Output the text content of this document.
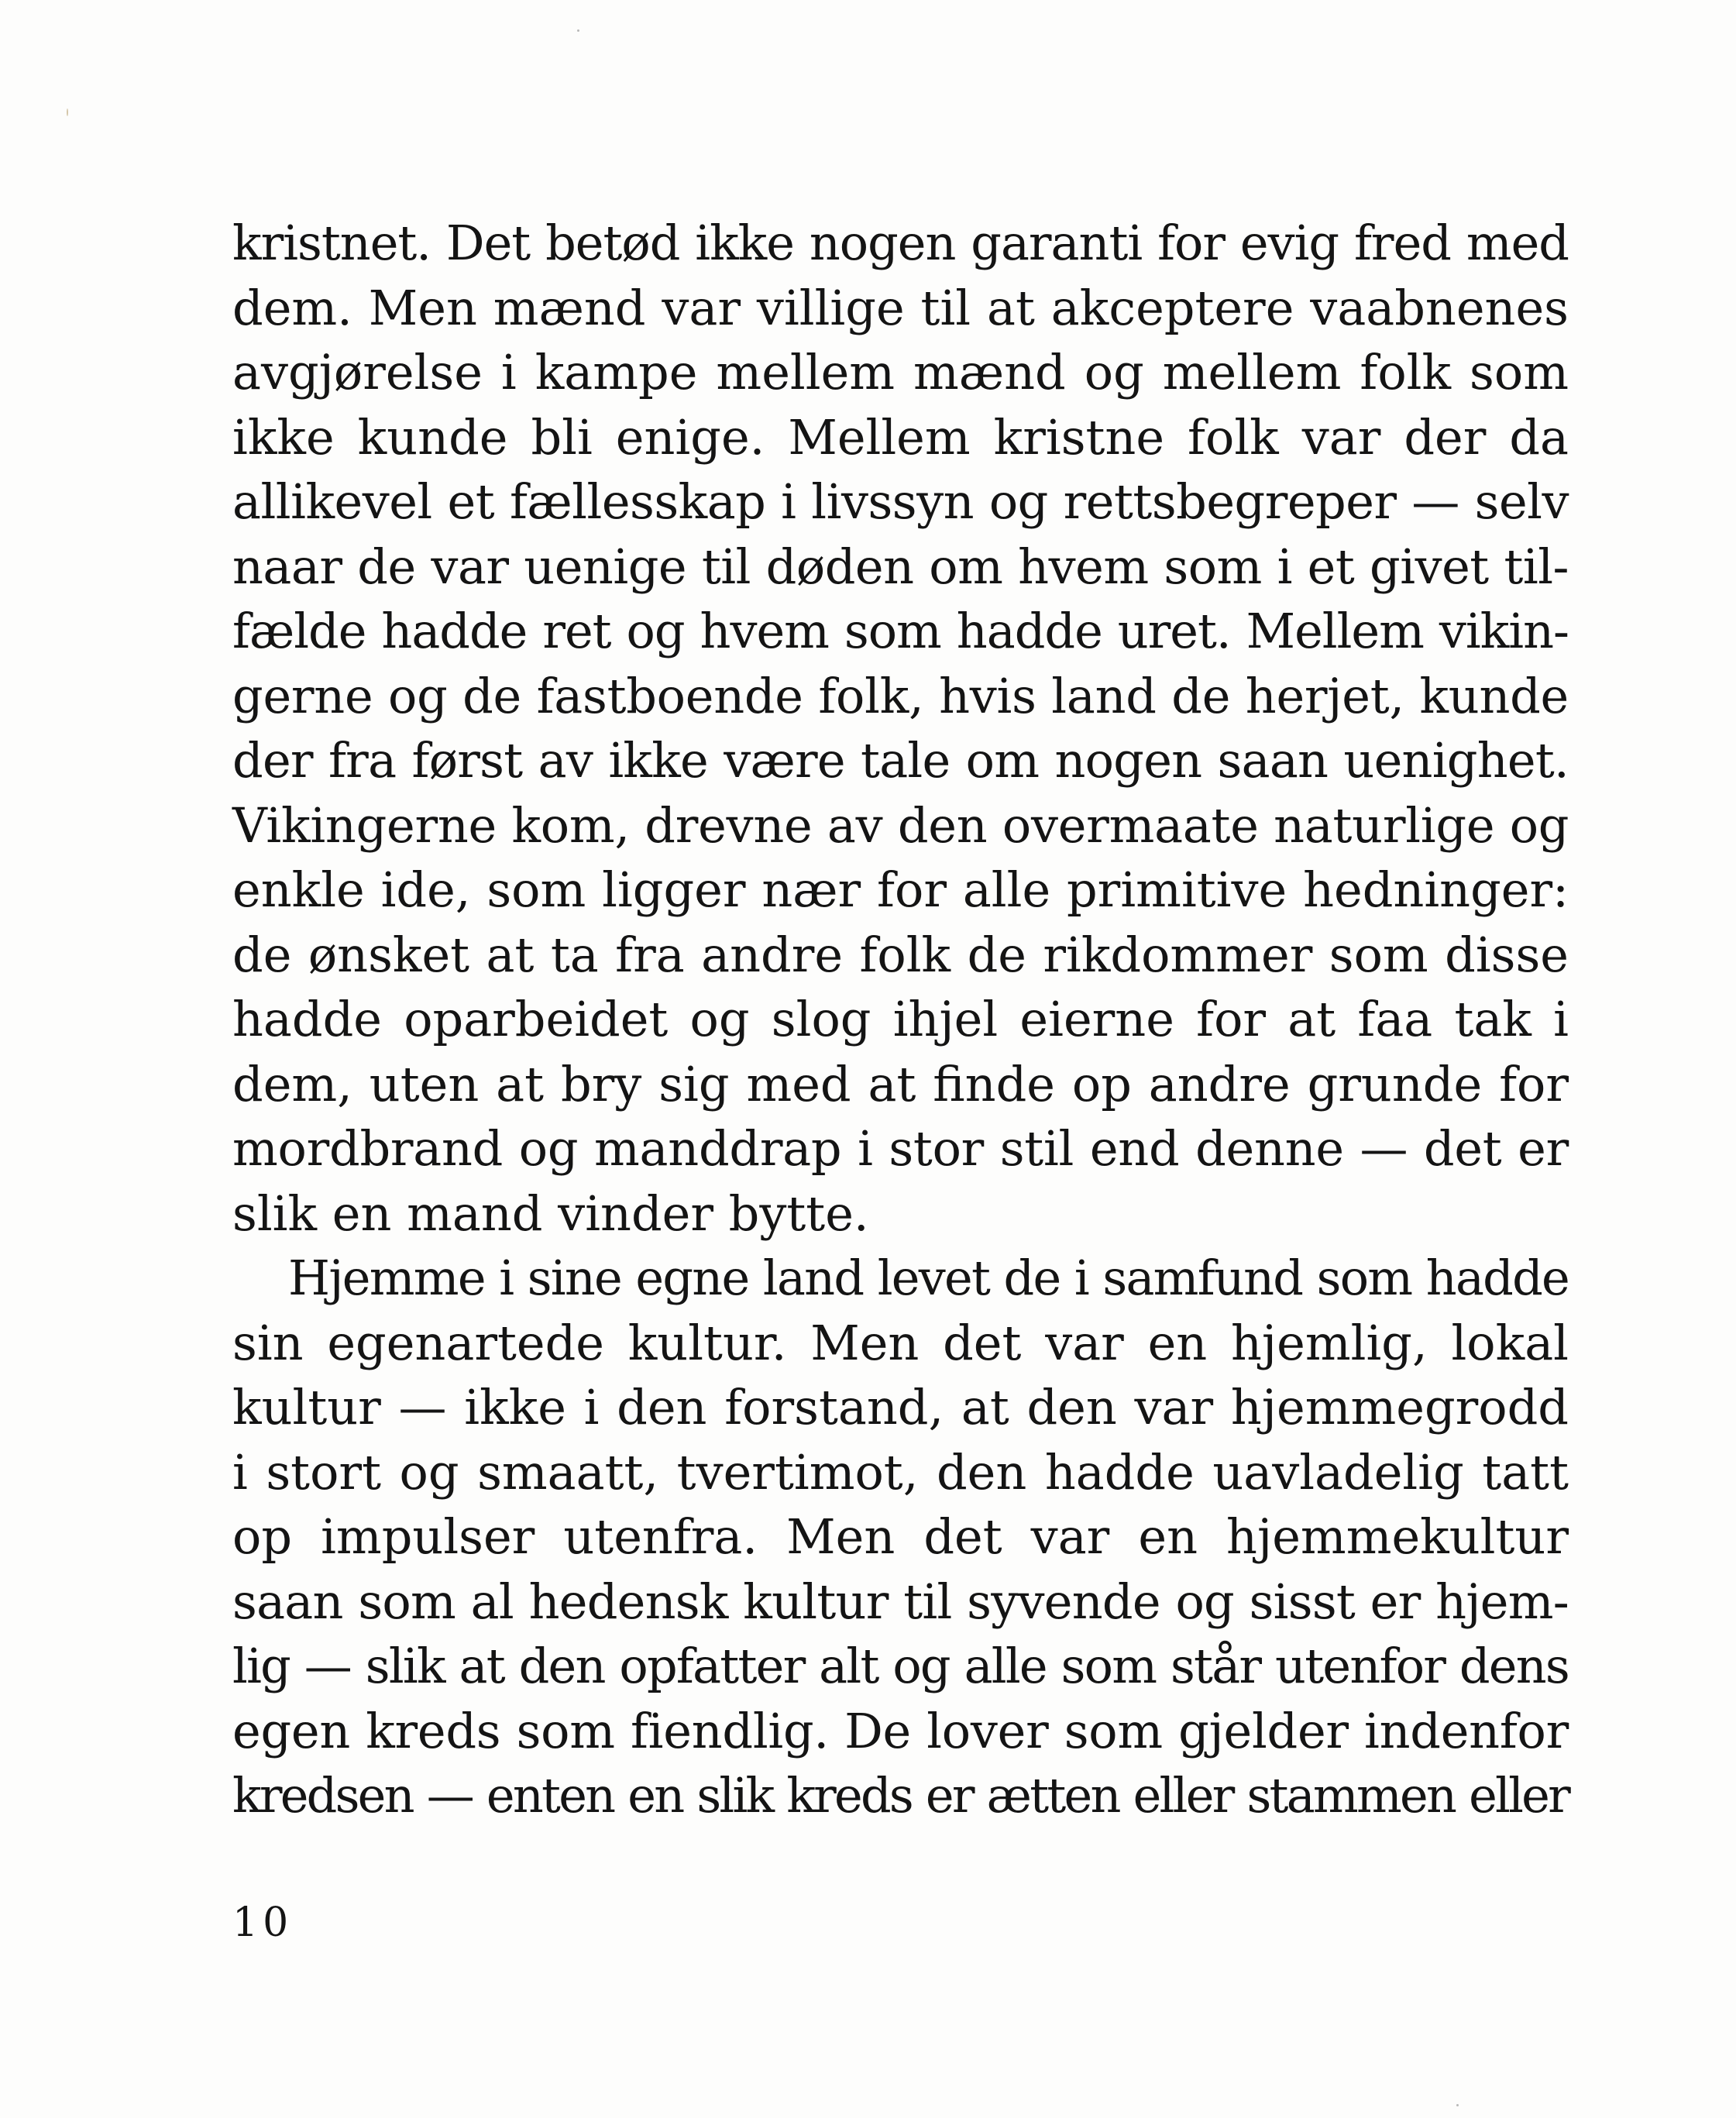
kristnet. Det betød ikke nogen garanti for evig fred med
dem. Men mænd var villige til at akceptere vaabnenes
avgjørelse i kampe mellem mænd og mellem folk som
ikke kunde bli enige. Mellem kristne folk var der da
allikevel et fællesskap i livssyn og rettsbegreper — selv
naar de var uenige til døden om hvem som i et givet til-
fælde hadde ret og hvem som hadde uret. Mellem vikin-
gerne og de fastboende folk, hvis land de herjet, kunde
der fra først av ikke være tale om nogen saan uenighet.
Vikingerne kom, drevne av den overmaate naturlige og
enkle ide, som ligger nær for alle primitive hedninger:
de ønsket at ta fra andre folk de rikdommer som disse
hadde oparbeidet og slog ihjel eierne for at faa tak i
dem, uten at bry sig med at finde op andre grunde for
mordbrand og manddrap i stor stil end denne — det er
slik en mand vinder bytte.
Hjemme i sine egne land levet de i samfund som hadde
sin egenartede kultur. Men det var en hjemlig, lokal
kultur — ikke i den forstand, at den var hjemmegrodd
i stort og smaatt, tvertimot, den hadde uavladelig tatt
op impulser utenfra. Men det var en hjemmekultur
saan som al hedensk kultur til syvende og sisst er hjem-
lig — slik at den opfatter alt og alle som står utenfor dens
egen kreds som fiendlig. De lover som gjelder indenfor
kredsen — enten en slik kreds er ætten eller stammen eller
10
